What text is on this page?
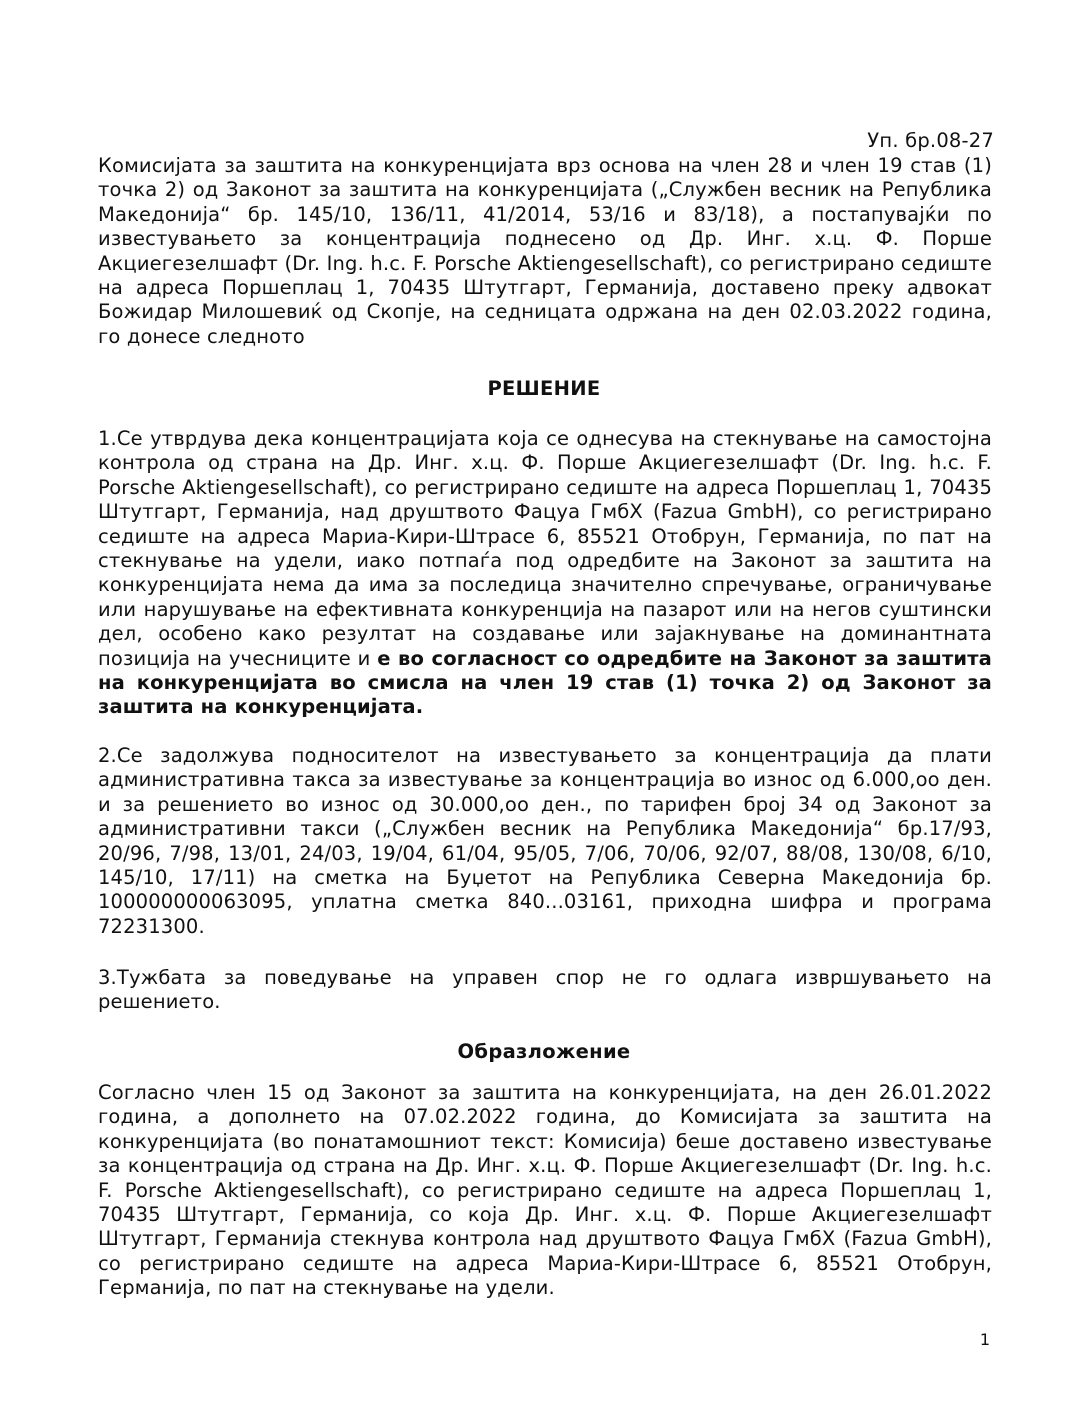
Уп. бр.08-27

Комисијата за заштита на конкуренцијата врз основа на член 28 и член 19 став (1) точка 2) од Законот за заштита на конкуренцијата („Службен весник на Република Македонија“ бр. 145/10, 136/11, 41/2014, 53/16 и 83/18), а постапувајќи по известувањето за концентрација поднесено од Др. Инг. х.ц. Ф. Порше Акциегезелшафт (Dr. Ing. h.c. F. Porsche Aktiengesellschaft), со регистрирано седиште на адреса Поршеплац 1, 70435 Штутгарт, Германија, доставено преку адвокат Божидар Милошевиќ од Скопје, на седницата одржана на ден 02.03.2022 година, го донесе следното

РЕШЕНИЕ

1.Се утврдува дека концентрацијата која се однесува на стекнување на самостојна контрола од страна на Др. Инг. х.ц. Ф. Порше Акциегезелшафт (Dr. Ing. h.c. F. Porsche Aktiengesellschaft), со регистрирано седиште на адреса Поршеплац 1, 70435 Штутгарт, Германија, над друштвото Фацуа ГмбХ (Fazua GmbH), со регистрирано седиште на адреса Мариа-Кири-Штрасе 6, 85521 Отобрун, Германија, по пат на стекнување на удели, иако потпаѓа под одредбите на Законот за заштита на конкуренцијата нема да има за последица значително спречување, ограничување или нарушување на ефективната конкуренција на пазарот или на негов суштински дел, особено како резултат на создавање или зајакнување на доминантната позиција на учесниците и е во согласност со одредбите на Законот за заштита на конкуренцијата во смисла на член 19 став (1) точка 2) од Законот за заштита на конкуренцијата.

2.Се задолжува подносителот на известувањето за концентрација да плати административна такса за известување за концентрација во износ од 6.000,оо ден. и за решението во износ од 30.000,оо ден., по тарифен број 34 од Законот за административни такси („Службен весник на Република Македонија“ бр.17/93, 20/96, 7/98, 13/01, 24/03, 19/04, 61/04, 95/05, 7/06, 70/06, 92/07, 88/08, 130/08, 6/10, 145/10, 17/11) на сметка на Буџетот на Република Северна Македонија бр. 100000000063095, уплатна сметка 840...03161, приходна шифра и програма 72231300.

3.Тужбата за поведување на управен спор не го одлага извршувањето на решението.

Образложение

Согласно член 15 од Законот за заштита на конкуренцијата, на ден 26.01.2022 година, а дополнето на 07.02.2022 година, до Комисијата за заштита на конкуренцијата (во понатамошниот текст: Комисија) беше доставено известување за концентрација од страна на Др. Инг. х.ц. Ф. Порше Акциегезелшафт (Dr. Ing. h.c. F. Porsche Aktiengesellschaft), со регистрирано седиште на адреса Поршеплац 1, 70435 Штутгарт, Германија, со која Др. Инг. х.ц. Ф. Порше Акциегезелшафт Штутгарт, Германија стекнува контрола над друштвото Фацуа ГмбХ (Fazua GmbH), со регистрирано седиште на адреса Мариа-Кири-Штрасе 6, 85521 Отобрун, Германија, по пат на стекнување на удели.

1
